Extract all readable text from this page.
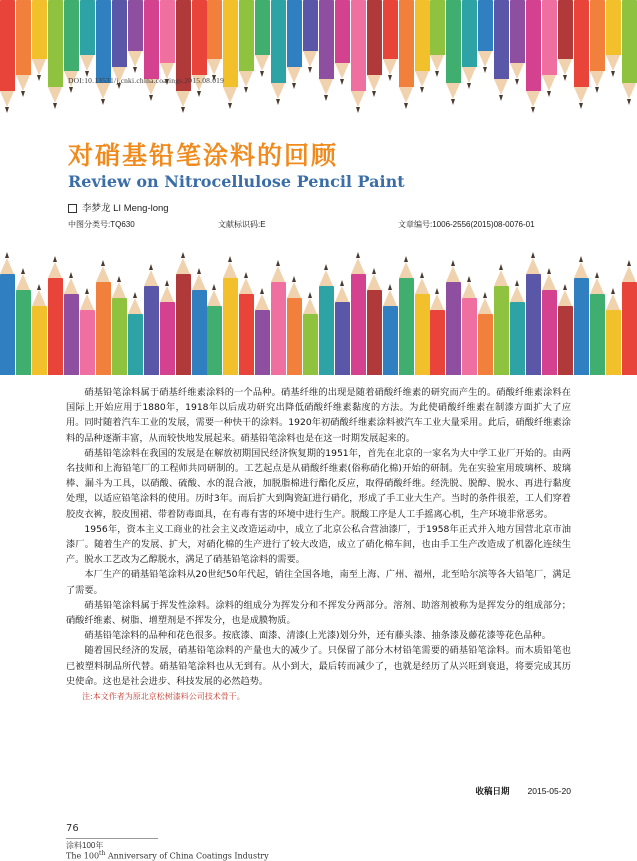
DOI:10.13531/j.cnki.china.coatings.2015.08.019
对硝基铅笔涂料的回顾
Review on Nitrocellulose Pencil Paint
李梦龙 LI Meng-long
中图分类号:TQ630	文献标识码:E	文章编号:1006-2556(2015)08-0076-01

硝基铅笔涂料属于硝基纤维素涂料的一个品种。硝基纤维的出现是随着硝酸纤维素的研究而产生的。硝酸纤维素涂料在国际上开始应用于1880年，1918年以后成功研究出降低硝酸纤维素黏度的方法。为此使硝酸纤维素在制漆方面扩大了应用。同时随着汽车工业的发展，需要一种快干的涂料。1920年初硝酸纤维素涂料被汽车工业大量采用。此后，硝酸纤维素涂料的品种逐渐丰富，从而较快地发展起来。硝基铅笔涂料也是在这一时期发展起来的。

硝基铅笔涂料在我国的发展是在解放初期国民经济恢复期的1951年，首先在北京的一家名为大中学工业厂开始的。由两名技师和上海铅笔厂的工程师共同研制的。工艺起点是从硝酸纤维素(俗称硝化棉)开始的研制。先在实验室用玻璃杯、玻璃棒、漏斗为工具，以硝酸、硫酸、水的混合液，加脱脂棉进行酯化反应，取得硝酸纤维。经洗脱、脱醇、脱水、再进行黏度处理，以适应铅笔涂料的使用。历时3年。而后扩大到陶瓷缸进行硝化，形成了手工业大生产。当时的条件很差，工人们穿着胶皮衣裤，胶皮围裙、带着防毒面具，在有毒有害的环境中进行生产。脱酸工序是人工手摇离心机，生产环境非常恶劣。

1956年，资本主义工商业的社会主义改造运动中，成立了北京公私合营油漆厂，于1958年正式并入地方国营北京市油漆厂。随着生产的发展、扩大，对硝化棉的生产进行了较大改造，成立了硝化棉车间，也由手工生产改造成了机器化连续生产。脱水工艺改为乙醇脱水，满足了硝基铅笔涂料的需要。

本厂生产的硝基铅笔涂料从20世纪50年代起，销往全国各地，南至上海、广州、福州，北至哈尔滨等各大铅笔厂，满足了需要。

硝基铅笔涂料属于挥发性涂料。涂料的组成分为挥发分和不挥发分两部分。溶剂、助溶剂被称为是挥发分的组成部分；硝酸纤维素、树脂、增塑剂是不挥发分，也是成膜物质。

硝基铅笔涂料的品种和花色很多。按底漆、面漆、清漆(上光漆)划分外，还有藤头漆、抽条漆及藤花漆等花色品种。

随着国民经济的发展，硝基铅笔涂料的产量也大的减少了。只保留了部分木材铅笔需要的硝基铅笔涂料。而木质铅笔也已被塑料制品所代替。硝基铅笔涂料也从无到有。从小到大，最后转而减少了，也就是经历了从兴旺到衰退，将要完成其历史使命。这也是社会进步、科技发展的必然趋势。

注:本文作者为原北京松树漆料公司技术骨干。

收稿日期 2015-05-20
76
涂料100年
The 100th Anniversary of China Coatings Industry
